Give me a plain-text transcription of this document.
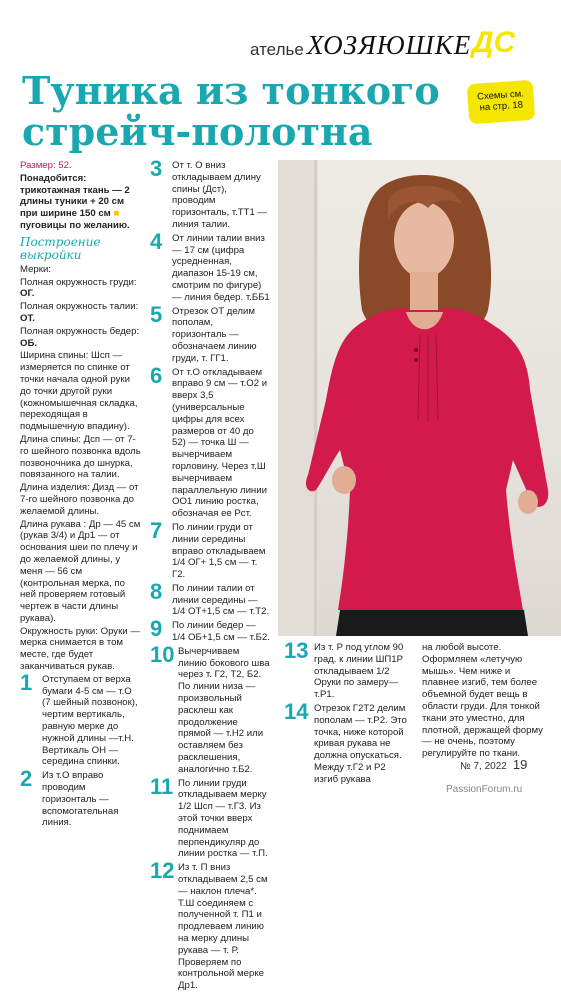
ателье ХОЗЯЮШКЕ ДС
Туника из тонкого
стрейч-полотна
Схемы см.
на стр. 18

Размер: 52.

Понадобится: трикотажная ткань — 2 длины туники + 20 см при ширине 150 см ■ пуговицы по желанию.

Построение
выкройки

Мерки:

Полная окружность груди: ОГ.

Полная окружность талии: ОТ.

Полная окружность бедер: ОБ.

Ширина спины: Шсп — измеряется по спинке от точки начала одной руки до точки другой руки (кожномышечная складка, переходящая в подмышечную впадину).

Длина спины: Дсп — от 7-го шейного позвонка вдоль позвоночника до шнурка, повязанного на талии.

Длина изделия: Дизд — от 7-го шейного позвонка до желаемой длины.

Длина рукава : Др — 45 см (рукав 3/4) и Др1 — от основания шеи по плечу и до желаемой длины, у меня — 56 см (контрольная мерка, по ней проверяем готовый чертеж в части длины рукава).

Окружность руки: Оруки — мерка снимается в том месте, где будет заканчиваться рукав.

1 Отступаем от верха бумаги 4-5 см — т.О (7 шейный позвонок), чертим вертикаль, равную мерке до нужной длины —т.Н. Вертикаль ОН — середина спинки.
2 Из т.О вправо проводим горизонталь — вспомогательная линия.
3 От т. О вниз откладываем длину спины (Дст), проводим горизонталь, т.ТТ1 — линия талии.
4 От линии талии вниз — 17 см (цифра усредненная, диапазон 15-19 см, смотрим по фигуре) — линия бедер. т.ББ1
5 Отрезок ОТ делим пополам, горизонталь — обозначаем линию груди, т. ГГ1.
6 От т.О откладываем вправо 9 см — т.О2 и вверх 3,5 (универсальные цифры для всех размеров от 40 до 52) — точка Ш — вычерчиваем горловину. Через т.Ш вычерчиваем параллельную линии ОО1 линию ростка, обозначая ее Рст.
7 По линии груди от линии середины вправо откладываем 1/4 ОГ+ 1,5 см — т. Г2.
8 По линии талии от линии середины — 1/4 ОТ+1,5 см — т.Т2.
9 По линии бедер — 1/4 ОБ+1,5 см — т.Б2.
10 Вычерчиваем линию бокового шва через т. Г2, Т2, Б2. По линии низа — произвольный расклеш как продолжение прямой — т.Н2 или оставляем без расклешения, аналогично т.Б2.
11 По линии груди откладываем мерку 1/2 Шсп — т.Г3. Из этой точки вверх поднимаем перпендикуляр до линии ростка — т.П.
12 Из т. П вниз откладываем 2,5 см — наклон плеча*. Т.Ш соединяем с полученной т. П1 и продлеваем линию на мерку длины рукава — т. Р. Проверяем по контрольной мерке Др1.
13 Из т. Р под углом 90 град. к линии ШП1Р откладываем 1/2 Оруки по замеру— т.Р1.
14 Отрезок Г2Т2 делим пополам — т.Р2. Это точка, ниже которой кривая рукава не должна опускаться. Между т.Г2 и Р2 изгиб рукава

на любой высоте. Оформляем «летучую мышь». Чем ниже и плавнее изгиб, тем более объемной будет вещь в области груди. Для тонкой ткани это уместно, для плотной, держащей форму — не очень, поэтому регулируйте по ткани.

№ 7, 2022 19
PassionForum.ru
